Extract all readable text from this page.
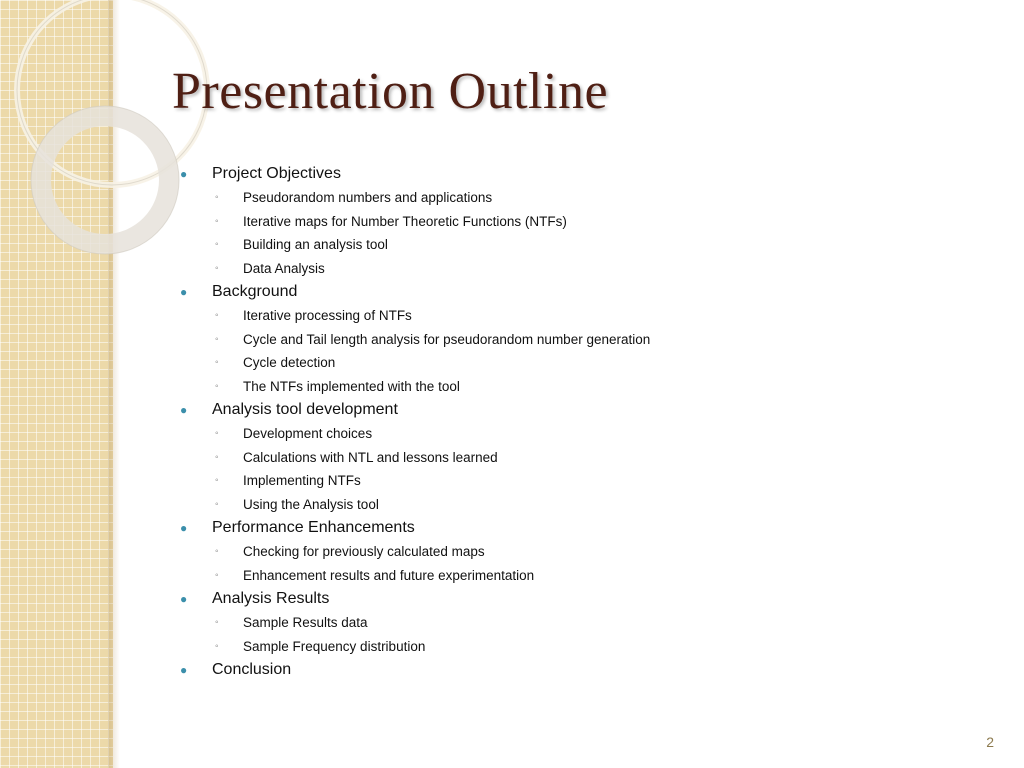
Presentation Outline
● Project Objectives
◦ Pseudorandom numbers and applications
◦ Iterative maps for Number Theoretic Functions (NTFs)
◦ Building an analysis tool
◦ Data Analysis
● Background
◦ Iterative processing of NTFs
◦ Cycle and Tail length analysis for pseudorandom number generation
◦ Cycle detection
◦ The NTFs implemented with the tool
● Analysis tool development
◦ Development choices
◦ Calculations with NTL and lessons learned
◦ Implementing NTFs
◦ Using the Analysis tool
● Performance Enhancements
◦ Checking for previously calculated maps
◦ Enhancement results and future experimentation
● Analysis Results
◦ Sample Results data
◦ Sample Frequency distribution
● Conclusion
2
